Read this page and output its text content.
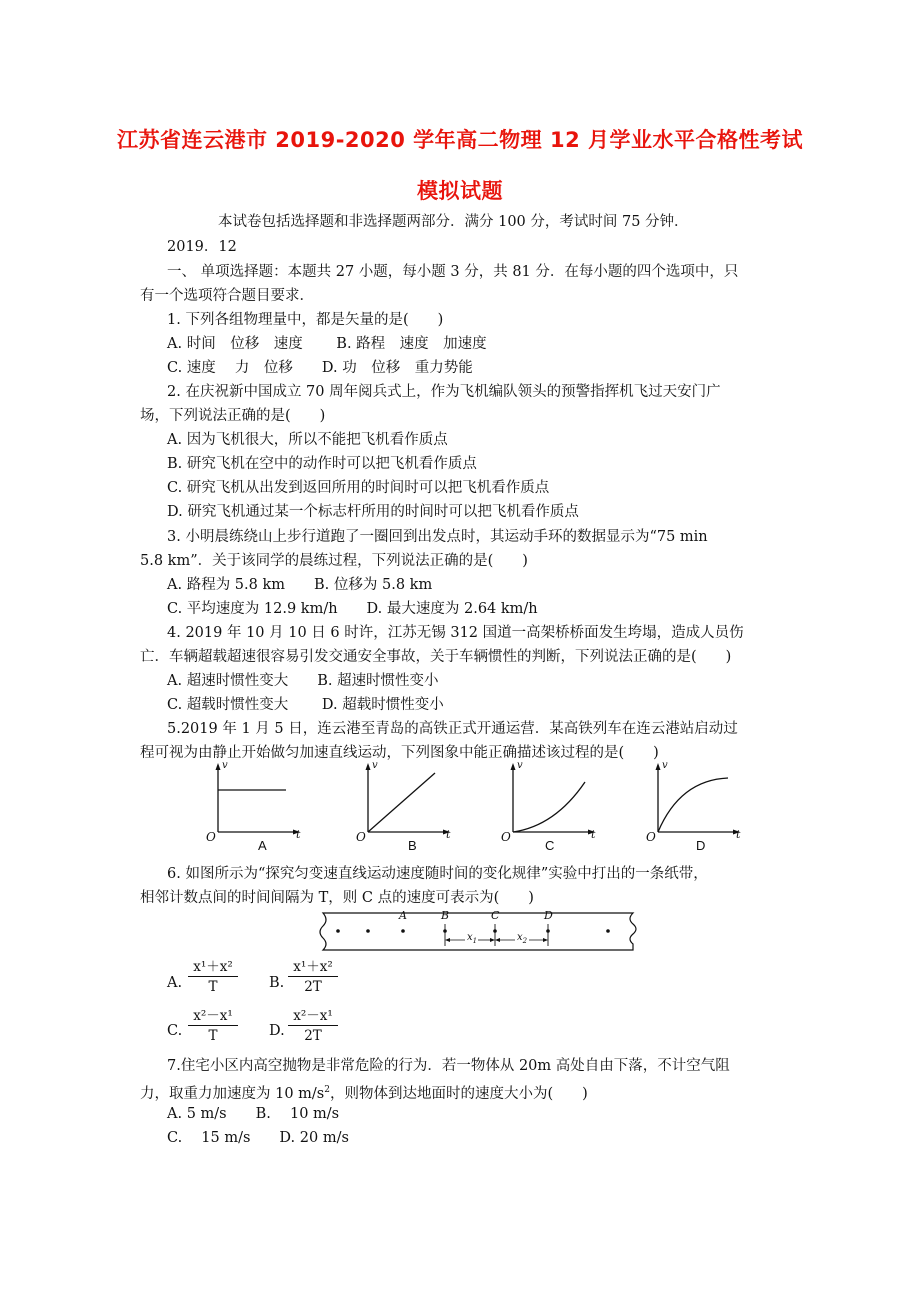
江苏省连云港市 2019-2020 学年高二物理 12 月学业水平合格性考试
模拟试题
本试卷包括选择题和非选择题两部分．满分 100 分，考试时间 75 分钟．
2019．12
一、 单项选择题：本题共 27 小题，每小题 3 分，共 81 分．在每小题的四个选项中，只
有一个选项符合题目要求．
1. 下列各组物理量中，都是矢量的是(　　)
A. 时间　位移　速度　　 B. 路程　速度　加速度
C. 速度　 力　位移　　D. 功　位移　重力势能
2. 在庆祝新中国成立 70 周年阅兵式上，作为飞机编队领头的预警指挥机飞过天安门广
场，下列说法正确的是(　　)
A. 因为飞机很大，所以不能把飞机看作质点
B. 研究飞机在空中的动作时可以把飞机看作质点
C. 研究飞机从出发到返回所用的时间时可以把飞机看作质点
D. 研究飞机通过某一个标志杆所用的时间时可以把飞机看作质点
3. 小明晨练绕山上步行道跑了一圈回到出发点时，其运动手环的数据显示为“75 min
5.8 km”．关于该同学的晨练过程，下列说法正确的是(　　)
A. 路程为 5.8 km　　B. 位移为 5.8 km
C. 平均速度为 12.9 km/h　　D. 最大速度为 2.64 km/h
4. 2019 年 10 月 10 日 6 时许，江苏无锡 312 国道一高架桥桥面发生垮塌，造成人员伤
亡．车辆超载超速很容易引发交通安全事故，关于车辆惯性的判断，下列说法正确的是(　　)
A. 超速时惯性变大　　B. 超速时惯性变小
C. 超载时惯性变大　　 D. 超载时惯性变小
5.2019 年 1 月 5 日，连云港至青岛的高铁正式开通运营．某高铁列车在连云港站启动过
程可视为由静止开始做匀加速直线运动，下列图象中能正确描述该过程的是(　　)
v
t
O
A
v
t
O
B
v
t
O
C
v
t
O
D
6. 如图所示为“探究匀变速直线运动速度随时间的变化规律”实验中打出的一条纸带，
相邻计数点间的时间间隔为 T，则 C 点的速度可表示为(　　)
A	B	C	D
$x_1$	$x_2$
A. $\frac{\text{x¹＋x²}}{T} B$. $\frac{\text{x¹＋x²}}{2T}$
C. $\frac{\text{x²－x¹}}{T} D$. $\frac{\text{x²－x¹}}{2T}$
7.住宅小区内高空抛物是非常危险的行为．若一物体从 20m 高处自由下落，不计空气阻
力，取重力加速度为 10 $m/s^2$，则物体到达地面时的速度大小为(　　)
A. 5 m/s　　B.　 10 m/s
C.　 15 m/s　　D. 20 m/s
